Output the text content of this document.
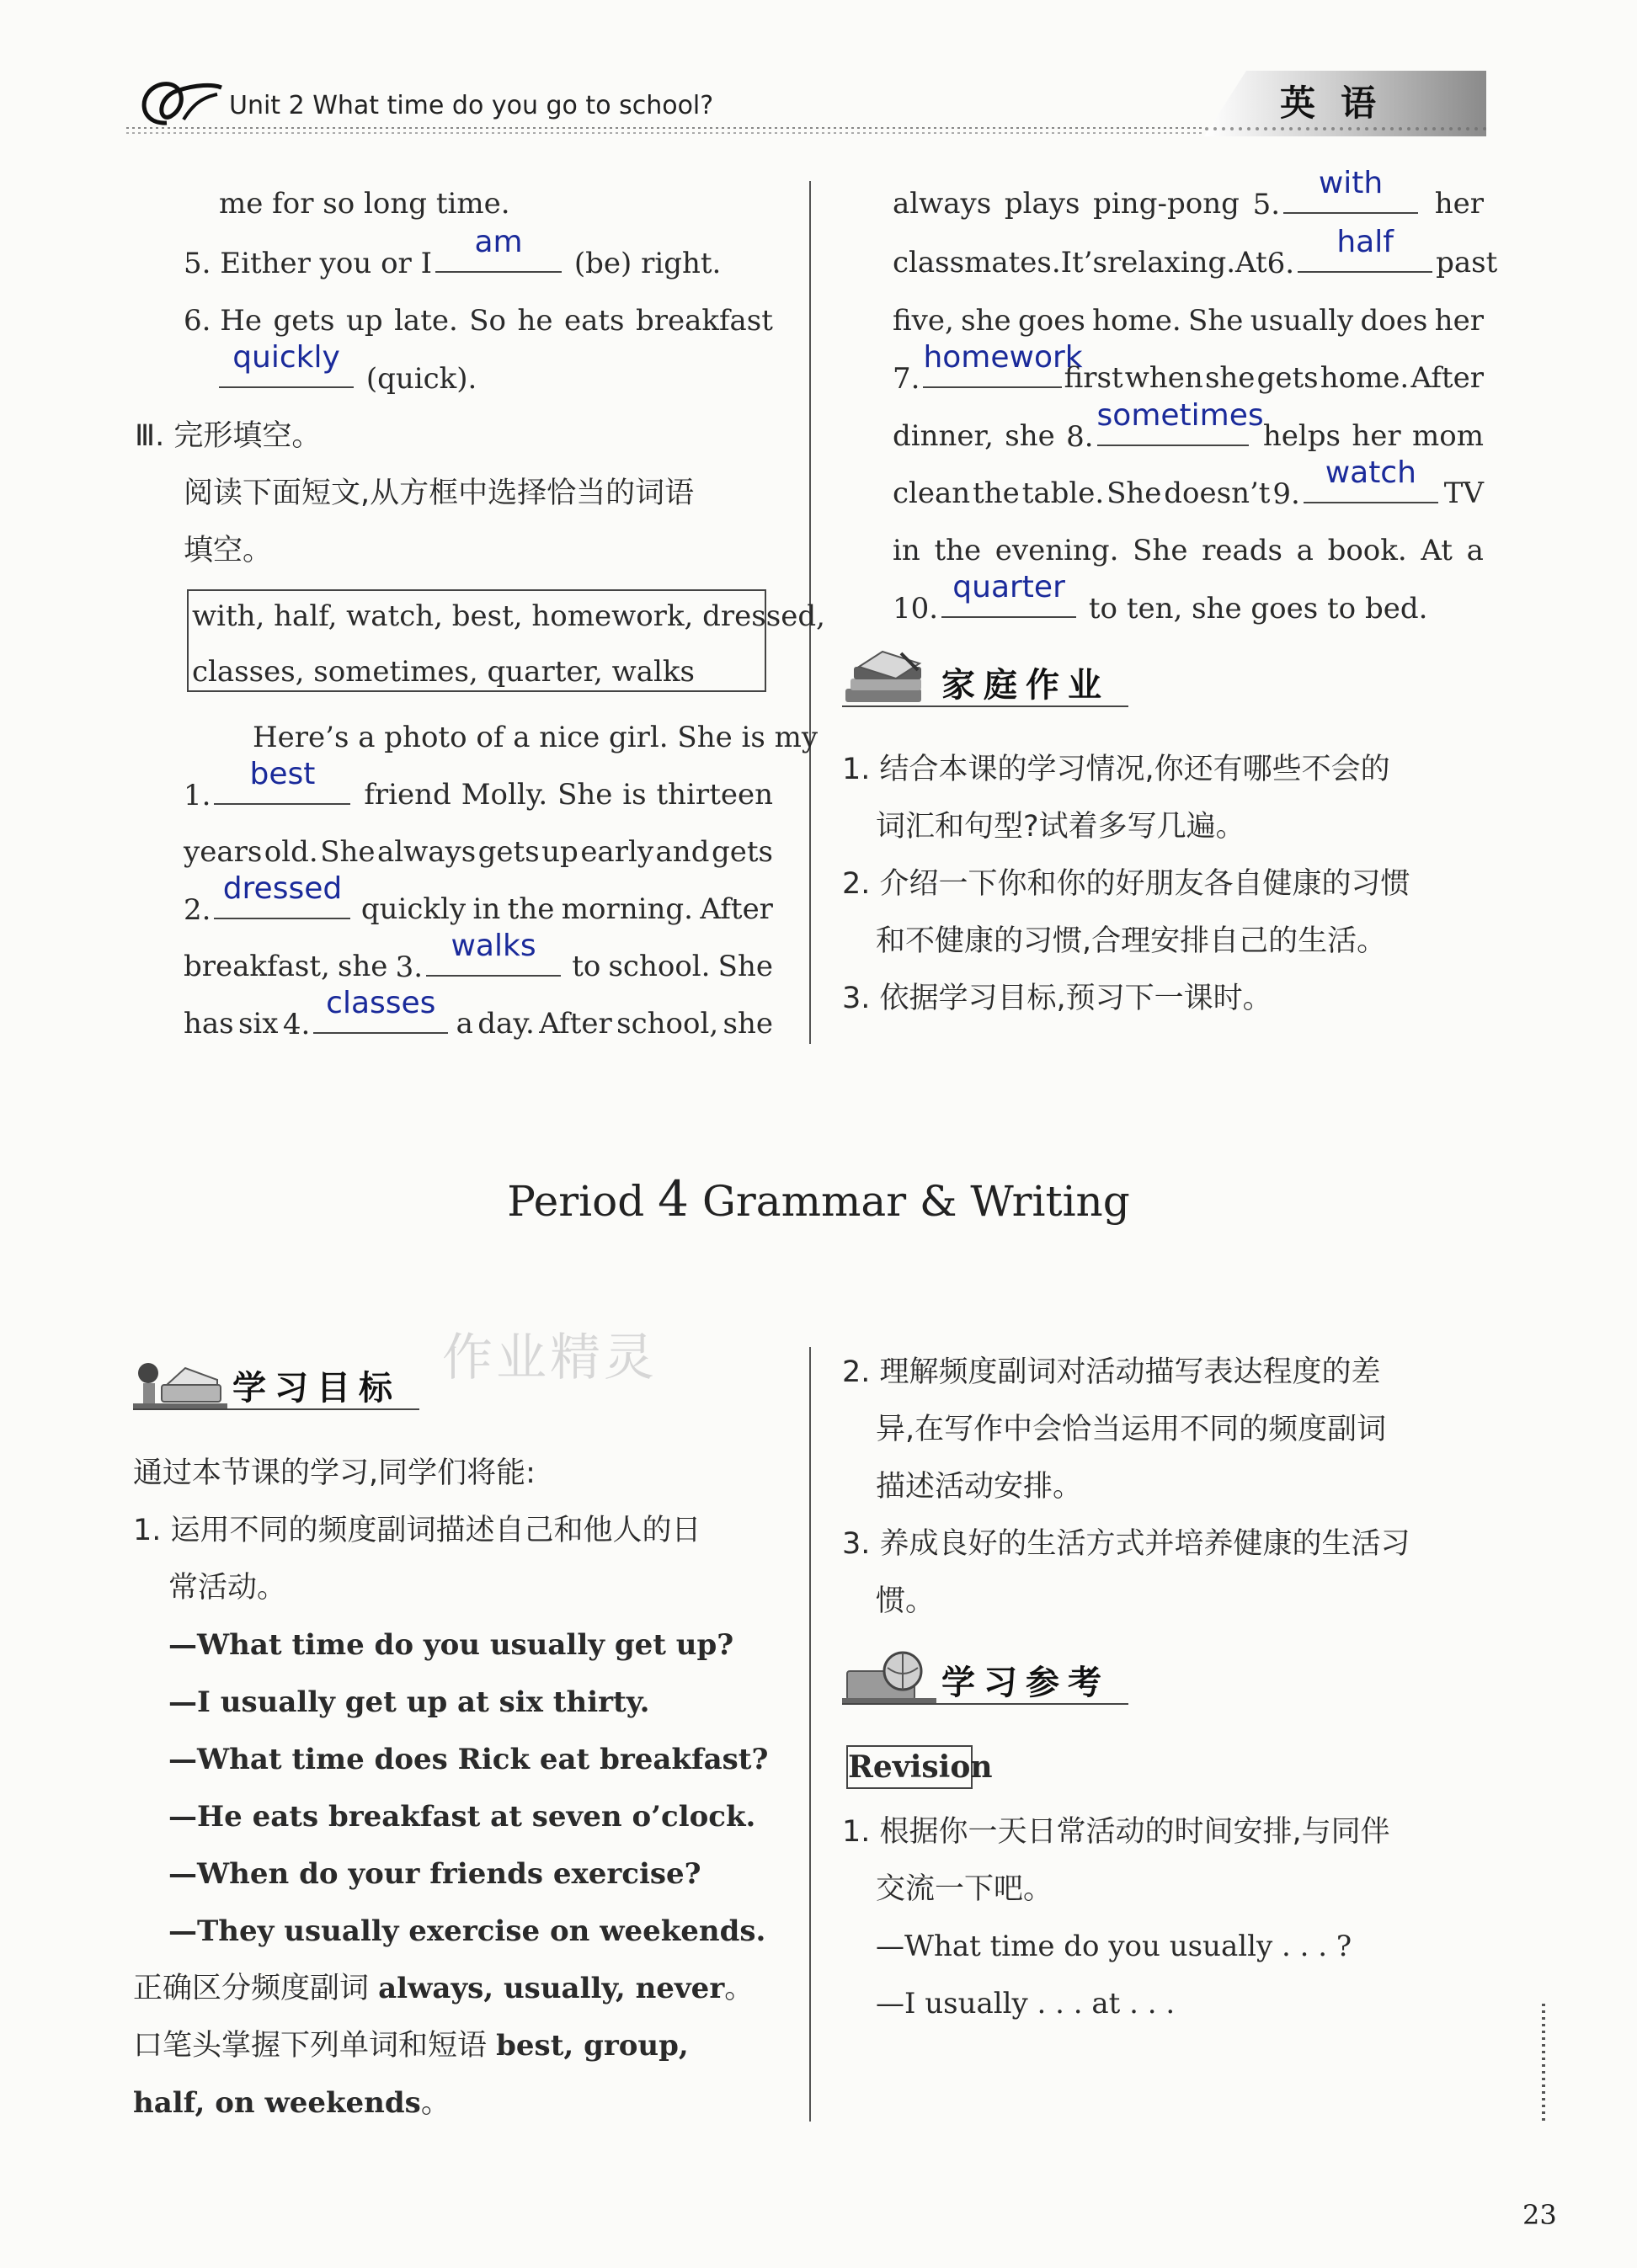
Unit 2 What time do you go to school?	英语
me for so long time.
5. Either you or I
am
(be) right.
6. He gets up late. So he eats breakfast
quickly
(quick).
Ⅲ. 完形填空。
阅读下面短文,从方框中选择恰当的词语
填空。
with, half, watch, best, homework, dressed,
classes, sometimes, quarter, walks
Here’s a photo of a nice girl. She is my
1.
best
friend Molly. She is thirteen
years old. She always gets up early and gets
2.
dressed
quickly in the morning. After
breakfast, she 3.
walks
to school. She
has six 4.
classes
a day. After school, she
always plays ping-pong 5.
with
her
classmates. It’s relaxing. At 6.
half
past
five, she goes home. She usually does her
7.
homework
first when she gets home. After
dinner, she 8.
sometimes
helps her mom
clean the table. She doesn’t 9.
watch
TV
in the evening. She reads a book. At a
10.
quarter
to ten, she goes to bed.
家庭作业
1. 结合本课的学习情况,你还有哪些不会的
词汇和句型?试着多写几遍。
2. 介绍一下你和你的好朋友各自健康的习惯
和不健康的习惯,合理安排自己的生活。
3. 依据学习目标,预习下一课时。
Period 4 Grammar & Writing
作业精灵
学习目标
通过本节课的学习,同学们将能:
1. 运用不同的频度副词描述自己和他人的日
常活动。
—What time do you usually get up?
—I usually get up at six thirty.
—What time does Rick eat breakfast?
—He eats breakfast at seven o’clock.
—When do your friends exercise?
—They usually exercise on weekends.
正确区分频度副词 always, usually, never。
口笔头掌握下列单词和短语 best, group,
half, on weekends。
2. 理解频度副词对活动描写表达程度的差
异,在写作中会恰当运用不同的频度副词
描述活动安排。
3. 养成良好的生活方式并培养健康的生活习
惯。
学习参考
Revision
1. 根据你一天日常活动的时间安排,与同伴
交流一下吧。
—What time do you usually . . . ?
—I usually . . . at . . .
23
